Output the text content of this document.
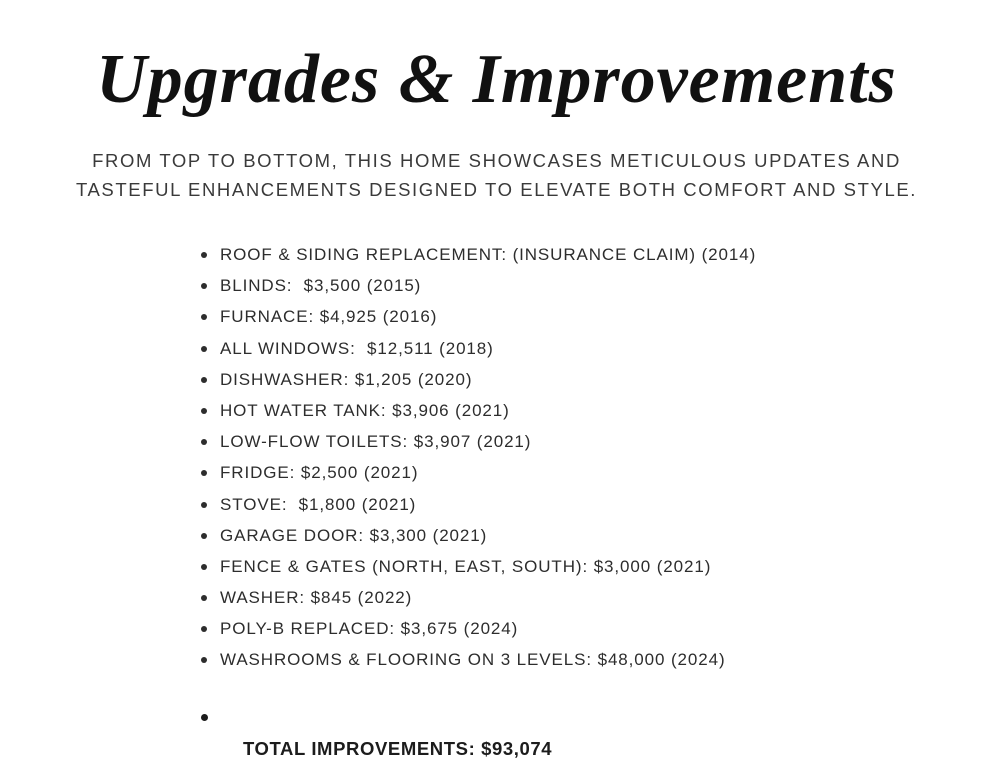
Upgrades & Improvements
FROM TOP TO BOTTOM, THIS HOME SHOWCASES METICULOUS UPDATES AND
TASTEFUL ENHANCEMENTS DESIGNED TO ELEVATE BOTH COMFORT AND STYLE.
ROOF & SIDING REPLACEMENT: (INSURANCE CLAIM) (2014)
BLINDS:  $3,500 (2015)
FURNACE: $4,925 (2016)
ALL WINDOWS:  $12,511 (2018)
DISHWASHER: $1,205 (2020)
HOT WATER TANK: $3,906 (2021)
LOW-FLOW TOILETS: $3,907 (2021)
FRIDGE: $2,500 (2021)
STOVE:  $1,800 (2021)
GARAGE DOOR: $3,300 (2021)
FENCE & GATES (NORTH, EAST, SOUTH): $3,000 (2021)
WASHER: $845 (2022)
POLY-B REPLACED: $3,675 (2024)
WASHROOMS & FLOORING ON 3 LEVELS: $48,000 (2024)

TOTAL IMPROVEMENTS: $93,074
